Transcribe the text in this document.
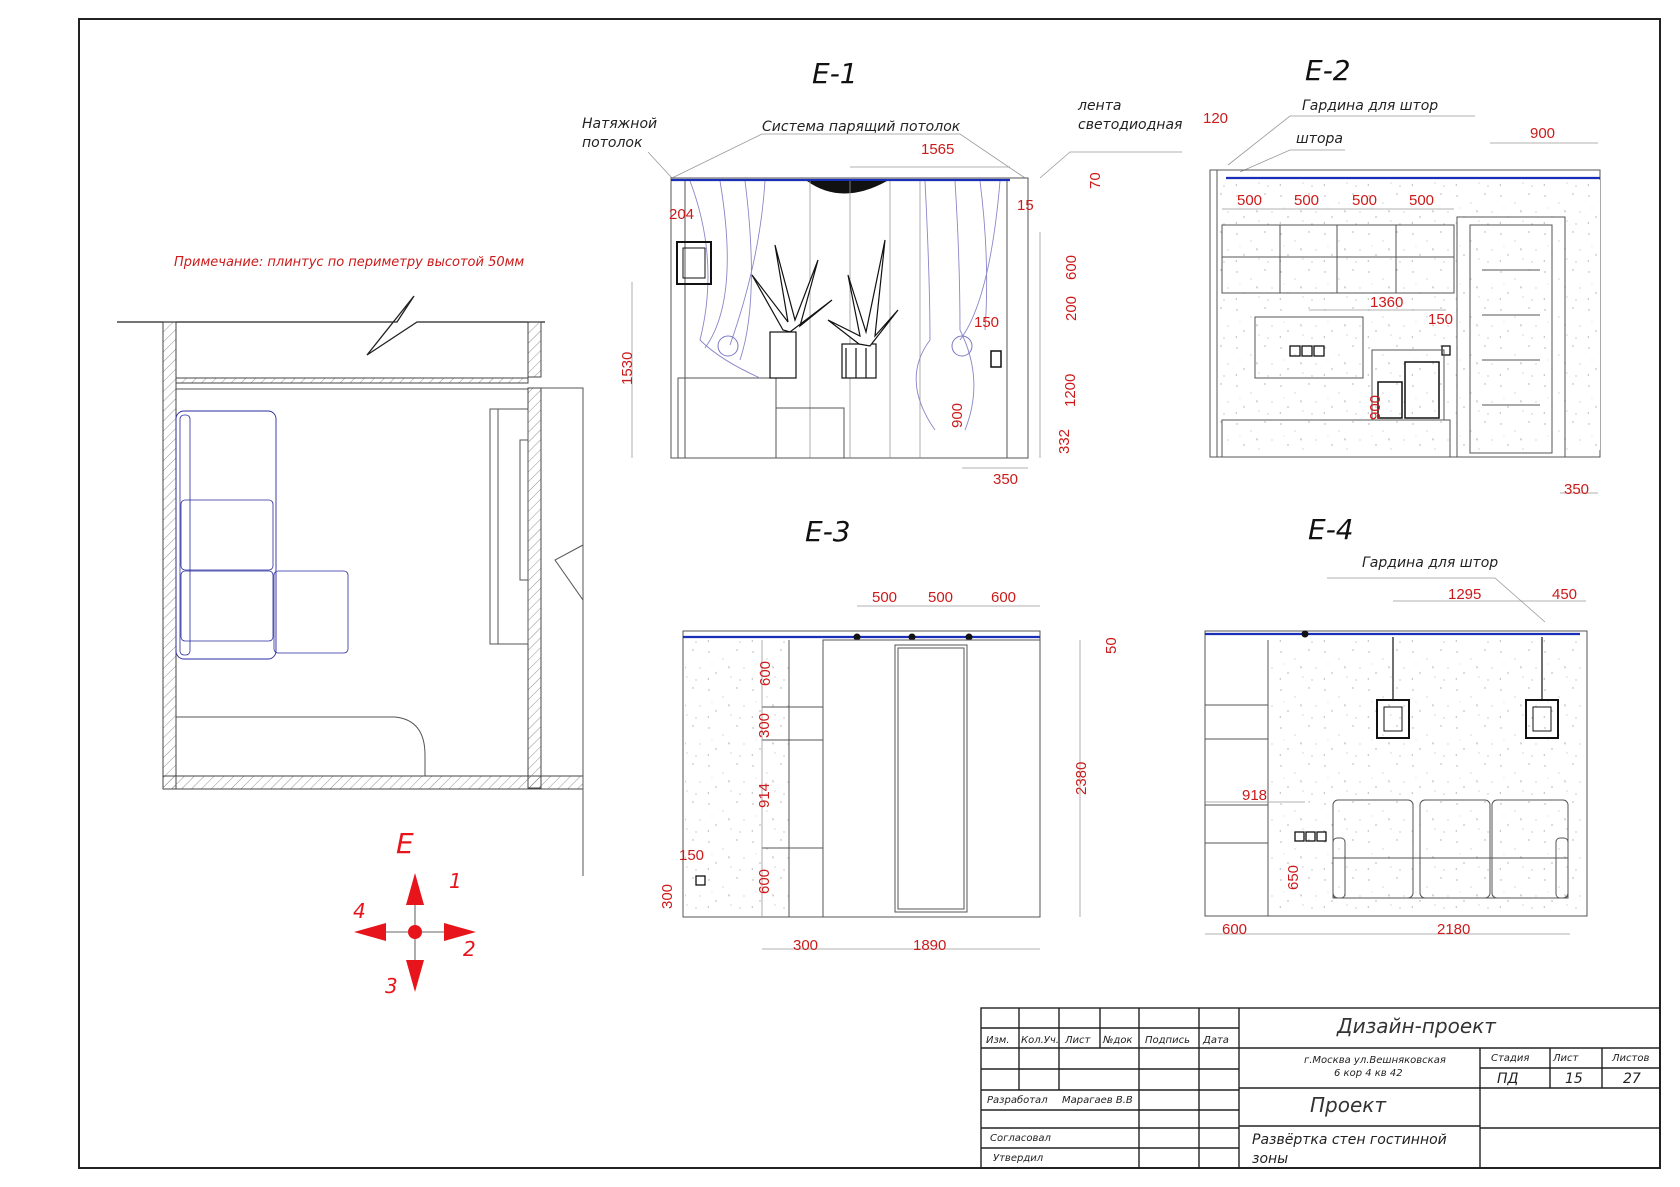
Примечание: плинтус по периметру высотой 50мм
Е
1
2
3
4
Е-1
Натяжной
потолок
Система парящий потолок
лента
светодиодная
1565
70
15
204
600
200
150
1530
1200
900
332
350
Е-2
Гардина для штор
штора
120
900
500 500 500 500
1360
150
900
350
Е-3
500 500	600
50
600
300
914
600
2380
150
300
300	1890
Е-4
Гардина для штор
1295	450
918
650
600	2180
Изм. Кол.Уч. Лист №док Подпись Дата
Разработал Марагаев В.В
Согласовал
Утвердил
Дизайн-проект
г.Москва ул.Вешняковская
6 кор 4 кв 42
Стадия Лист	Листов
ПД	15	27
Проект
Развёртка стен гостинной
зоны
